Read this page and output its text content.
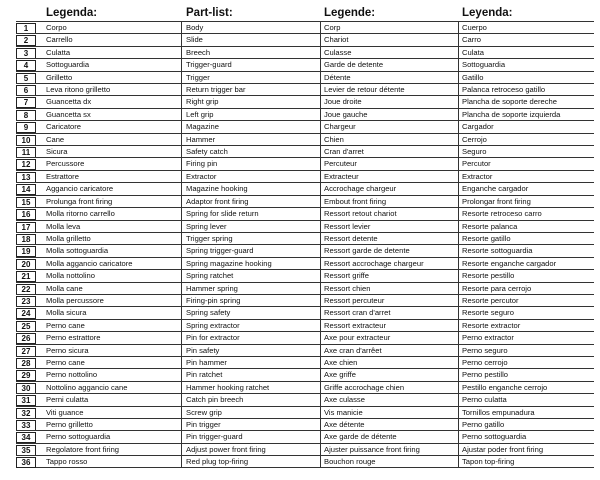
Legenda:	Part-list:	Legende:	Leyenda:
1	Corpo	Body	Corp	Cuerpo
2	Carrello	Slide	Chariot	Carro
3	Culatta	Breech	Culasse	Culata
4	Sottoguardia	Trigger-guard	Garde de detente	Sottoguardia
5	Grilletto	Trigger	Détente	Gatillo
6	Leva ritono grilletto	Return trigger bar	Levier de retour détente	Palanca retroceso gatillo
7	Guancetta dx	Right grip	Joue droite	Plancha de soporte dereche
8	Guancetta sx	Left grip	Joue gauche	Plancha de soporte izquierda
9	Caricatore	Magazine	Chargeur	Cargador
10	Cane	Hammer	Chien	Cerrojo
11	Sicura	Safety catch	Cran d'arret	Seguro
12	Percussore	Firing pin	Percuteur	Percutor
13	Estrattore	Extractor	Extracteur	Extractor
14	Aggancio caricatore	Magazine hooking	Accrochage chargeur	Enganche cargador
15	Prolunga front firing	Adaptor front firing	Embout front firing	Prolongar front firing
16	Molla ritorno carrello	Spring for slide return	Ressort retout chariot	Resorte retroceso carro
17	Molla leva	Spring lever	Ressort levier	Resorte palanca
18	Molla grilletto	Trigger spring	Ressort detente	Resorte gatillo
19	Molla sottoguardia	Spring trigger-guard	Ressort garde de detente	Resorte sottoguardia
20	Molla aggancio caricatore	Spring magazine hooking	Ressort accrochage chargeur	Resorte enganche cargador
21	Molla nottolino	Spring ratchet	Ressort griffe	Resorte pestillo
22	Molla cane	Hammer spring	Ressort chien	Resorte para cerrojo
23	Molla percussore	Firing-pin spring	Ressort percuteur	Resorte percutor
24	Molla sicura	Spring safety	Ressort cran d'arret	Resorte seguro
25	Perno cane	Spring extractor	Ressort extracteur	Resorte extractor
26	Perno estrattore	Pin for extractor	Axe pour extracteur	Perno extractor
27	Perno sicura	Pin safety	Axe cran d'arrêet	Perno seguro
28	Perno cane	Pin hammer	Axe chien	Perno cerrojo
29	Perno nottolino	Pin ratchet	Axe griffe	Perno pestillo
30	Nottolino aggancio cane	Hammer hooking ratchet	Griffe accrochage chien	Pestillo enganche cerrojo
31	Perni culatta	Catch pin breech	Axe culasse	Perno culatta
32	Viti guance	Screw grip	Vis manicie	Tornillos empunadura
33	Perno grilletto	Pin trigger	Axe détente	Perno gatillo
34	Perno sottoguardia	Pin trigger-guard	Axe garde de détente	Perno sottoguardia
35	Regolatore front firing	Adjust power front firing	Ajuster puissance front firing	Ajustar poder front firing
36	Tappo rosso	Red plug top-firing	Bouchon rouge	Tapon top-firing
